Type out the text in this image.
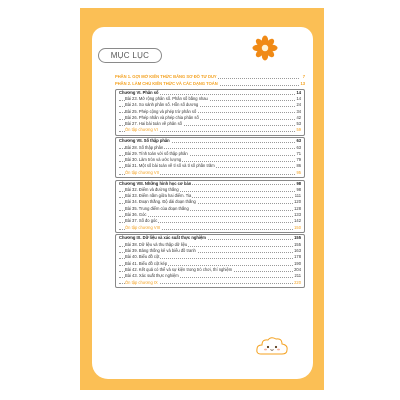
MỤC LỤC
PHẦN 1. GỢI MỞ KIẾN THỨC BẰNG SƠ ĐỒ TƯ DUY	7
PHẦN 2. LÀM CHỦ KIẾN THỨC VÀ CÁC DẠNG TOÁN	13
Chương VI. Phân số	14
Bài 23. Mở rộng phân số. Phân số bằng nhau	14
Bài 24. So sánh phân số. Hỗn số dương	24
Bài 25. Phép cộng và phép trừ phân số	34
Bài 26. Phép nhân và phép chia phân số	42
Bài 27. Hai bài toán về phân số	53
Ôn tập chương VI	59
Chương VII. Số thập phân	63
Bài 28. Số thập phân	63
Bài 29. Tính toán với số thập phân	71
Bài 30. Làm tròn và ước lượng	79
Bài 31. Một số bài toán về tỉ số và tỉ số phần trăm	86
Ôn tập chương VII	95
Chương VIII. Những hình học cơ bản	98
Bài 32. Điểm và đường thẳng	98
Bài 33. Điểm nằm giữa hai điểm. Tia	111
Bài 34. Đoạn thẳng. Độ dài đoạn thẳng	120
Bài 35. Trung điểm của đoạn thẳng	128
Bài 36. Góc	133
Bài 37. Số đo góc	142
Ôn tập chương VIII	150
Chương IX. Dữ liệu và xác suất thực nghiệm	155
Bài 38. Dữ liệu và thu thập dữ liệu	155
Bài 39. Bảng thống kê và biểu đồ tranh	163
Bài 40. Biểu đồ cột	178
Bài 41. Biểu đồ cột kép	190
Bài 42. Kết quả có thể và sự kiện trong trò chơi, thí nghiệm	204
Bài 43. Xác suất thực nghiệm	211
Ôn tập chương IX	220
